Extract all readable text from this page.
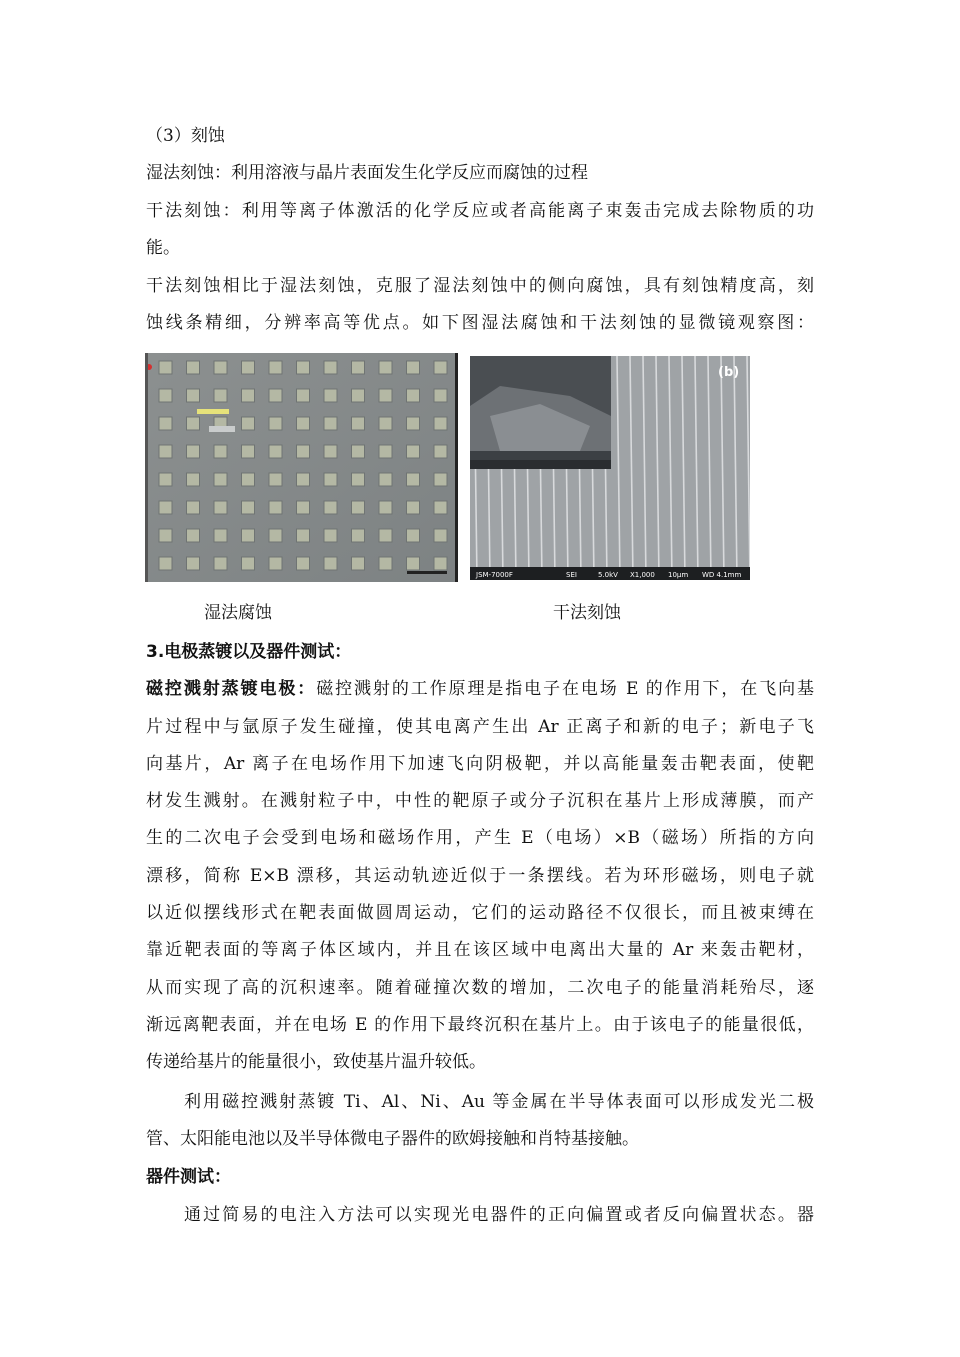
（3）刻蚀
湿法刻蚀：利用溶液与晶片表面发生化学反应而腐蚀的过程
干法刻蚀：利用等离子体激活的化学反应或者高能离子束轰击完成去除物质的功
能。
干法刻蚀相比于湿法刻蚀，克服了湿法刻蚀中的侧向腐蚀，具有刻蚀精度高，刻
蚀线条精细，分辨率高等优点。如下图湿法腐蚀和干法刻蚀的显微镜观察图：
(b)
JSM-7000F	SEI	5.0kV X1,000 10μm WD 4.1mm
湿法腐蚀	干法刻蚀
3.电极蒸镀以及器件测试：
磁控溅射蒸镀电极：磁控溅射的工作原理是指电子在电场 E 的作用下，在飞向基
片过程中与氩原子发生碰撞，使其电离产生出 Ar 正离子和新的电子；新电子飞
向基片，Ar 离子在电场作用下加速飞向阴极靶，并以高能量轰击靶表面，使靶
材发生溅射。在溅射粒子中，中性的靶原子或分子沉积在基片上形成薄膜，而产
生的二次电子会受到电场和磁场作用，产生 E（电场）×B（磁场）所指的方向
漂移，简称 E×B 漂移，其运动轨迹近似于一条摆线。若为环形磁场，则电子就
以近似摆线形式在靶表面做圆周运动，它们的运动路径不仅很长，而且被束缚在
靠近靶表面的等离子体区域内，并且在该区域中电离出大量的 Ar 来轰击靶材，
从而实现了高的沉积速率。随着碰撞次数的增加，二次电子的能量消耗殆尽，逐
渐远离靶表面，并在电场 E 的作用下最终沉积在基片上。由于该电子的能量很低，
传递给基片的能量很小，致使基片温升较低。
利用磁控溅射蒸镀 Ti、Al、Ni、Au 等金属在半导体表面可以形成发光二极
管、太阳能电池以及半导体微电子器件的欧姆接触和肖特基接触。
器件测试：
通过简易的电注入方法可以实现光电器件的正向偏置或者反向偏置状态。器
